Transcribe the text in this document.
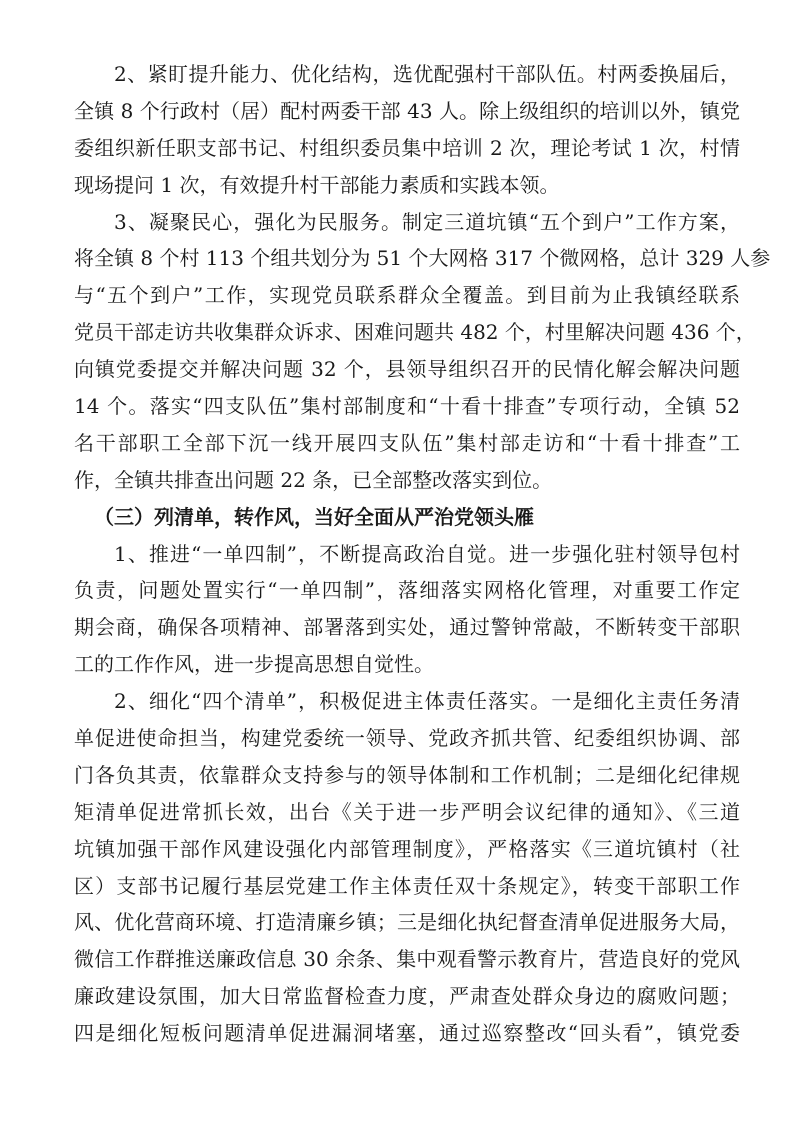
2、紧盯提升能力、优化结构，选优配强村干部队伍。村两委换届后，
全镇 8 个行政村（居）配村两委干部 43 人。除上级组织的培训以外，镇党
委组织新任职支部书记、村组织委员集中培训 2 次，理论考试 1 次，村情
现场提问 1 次，有效提升村干部能力素质和实践本领。
3、凝聚民心，强化为民服务。制定三道坑镇“五个到户”工作方案，
将全镇 8 个村 113 个组共划分为 51 个大网格 317 个微网格，总计 329 人参
与“五个到户”工作，实现党员联系群众全覆盖。到目前为止我镇经联系
党员干部走访共收集群众诉求、困难问题共 482 个，村里解决问题 436 个，
向镇党委提交并解决问题 32 个，县领导组织召开的民情化解会解决问题
14 个。落实“四支队伍”集村部制度和“十看十排查”专项行动，全镇 52
名干部职工全部下沉一线开展四支队伍”集村部走访和“十看十排查”工
作，全镇共排查出问题 22 条，已全部整改落实到位。
（三）列清单，转作风，当好全面从严治党领头雁
1、推进“一单四制”，不断提高政治自觉。进一步强化驻村领导包村
负责，问题处置实行“一单四制”，落细落实网格化管理，对重要工作定
期会商，确保各项精神、部署落到实处，通过警钟常敲，不断转变干部职
工的工作作风，进一步提高思想自觉性。
2、细化“四个清单”，积极促进主体责任落实。一是细化主责任务清
单促进使命担当，构建党委统一领导、党政齐抓共管、纪委组织协调、部
门各负其责，依靠群众支持参与的领导体制和工作机制；二是细化纪律规
矩清单促进常抓长效，出台《关于进一步严明会议纪律的通知》、《三道
坑镇加强干部作风建设强化内部管理制度》，严格落实《三道坑镇村（社
区）支部书记履行基层党建工作主体责任双十条规定》，转变干部职工作
风、优化营商环境、打造清廉乡镇；三是细化执纪督查清单促进服务大局，
微信工作群推送廉政信息 30 余条、集中观看警示教育片，营造良好的党风
廉政建设氛围，加大日常监督检查力度，严肃查处群众身边的腐败问题；
四是细化短板问题清单促进漏洞堵塞，通过巡察整改“回头看”，镇党委
